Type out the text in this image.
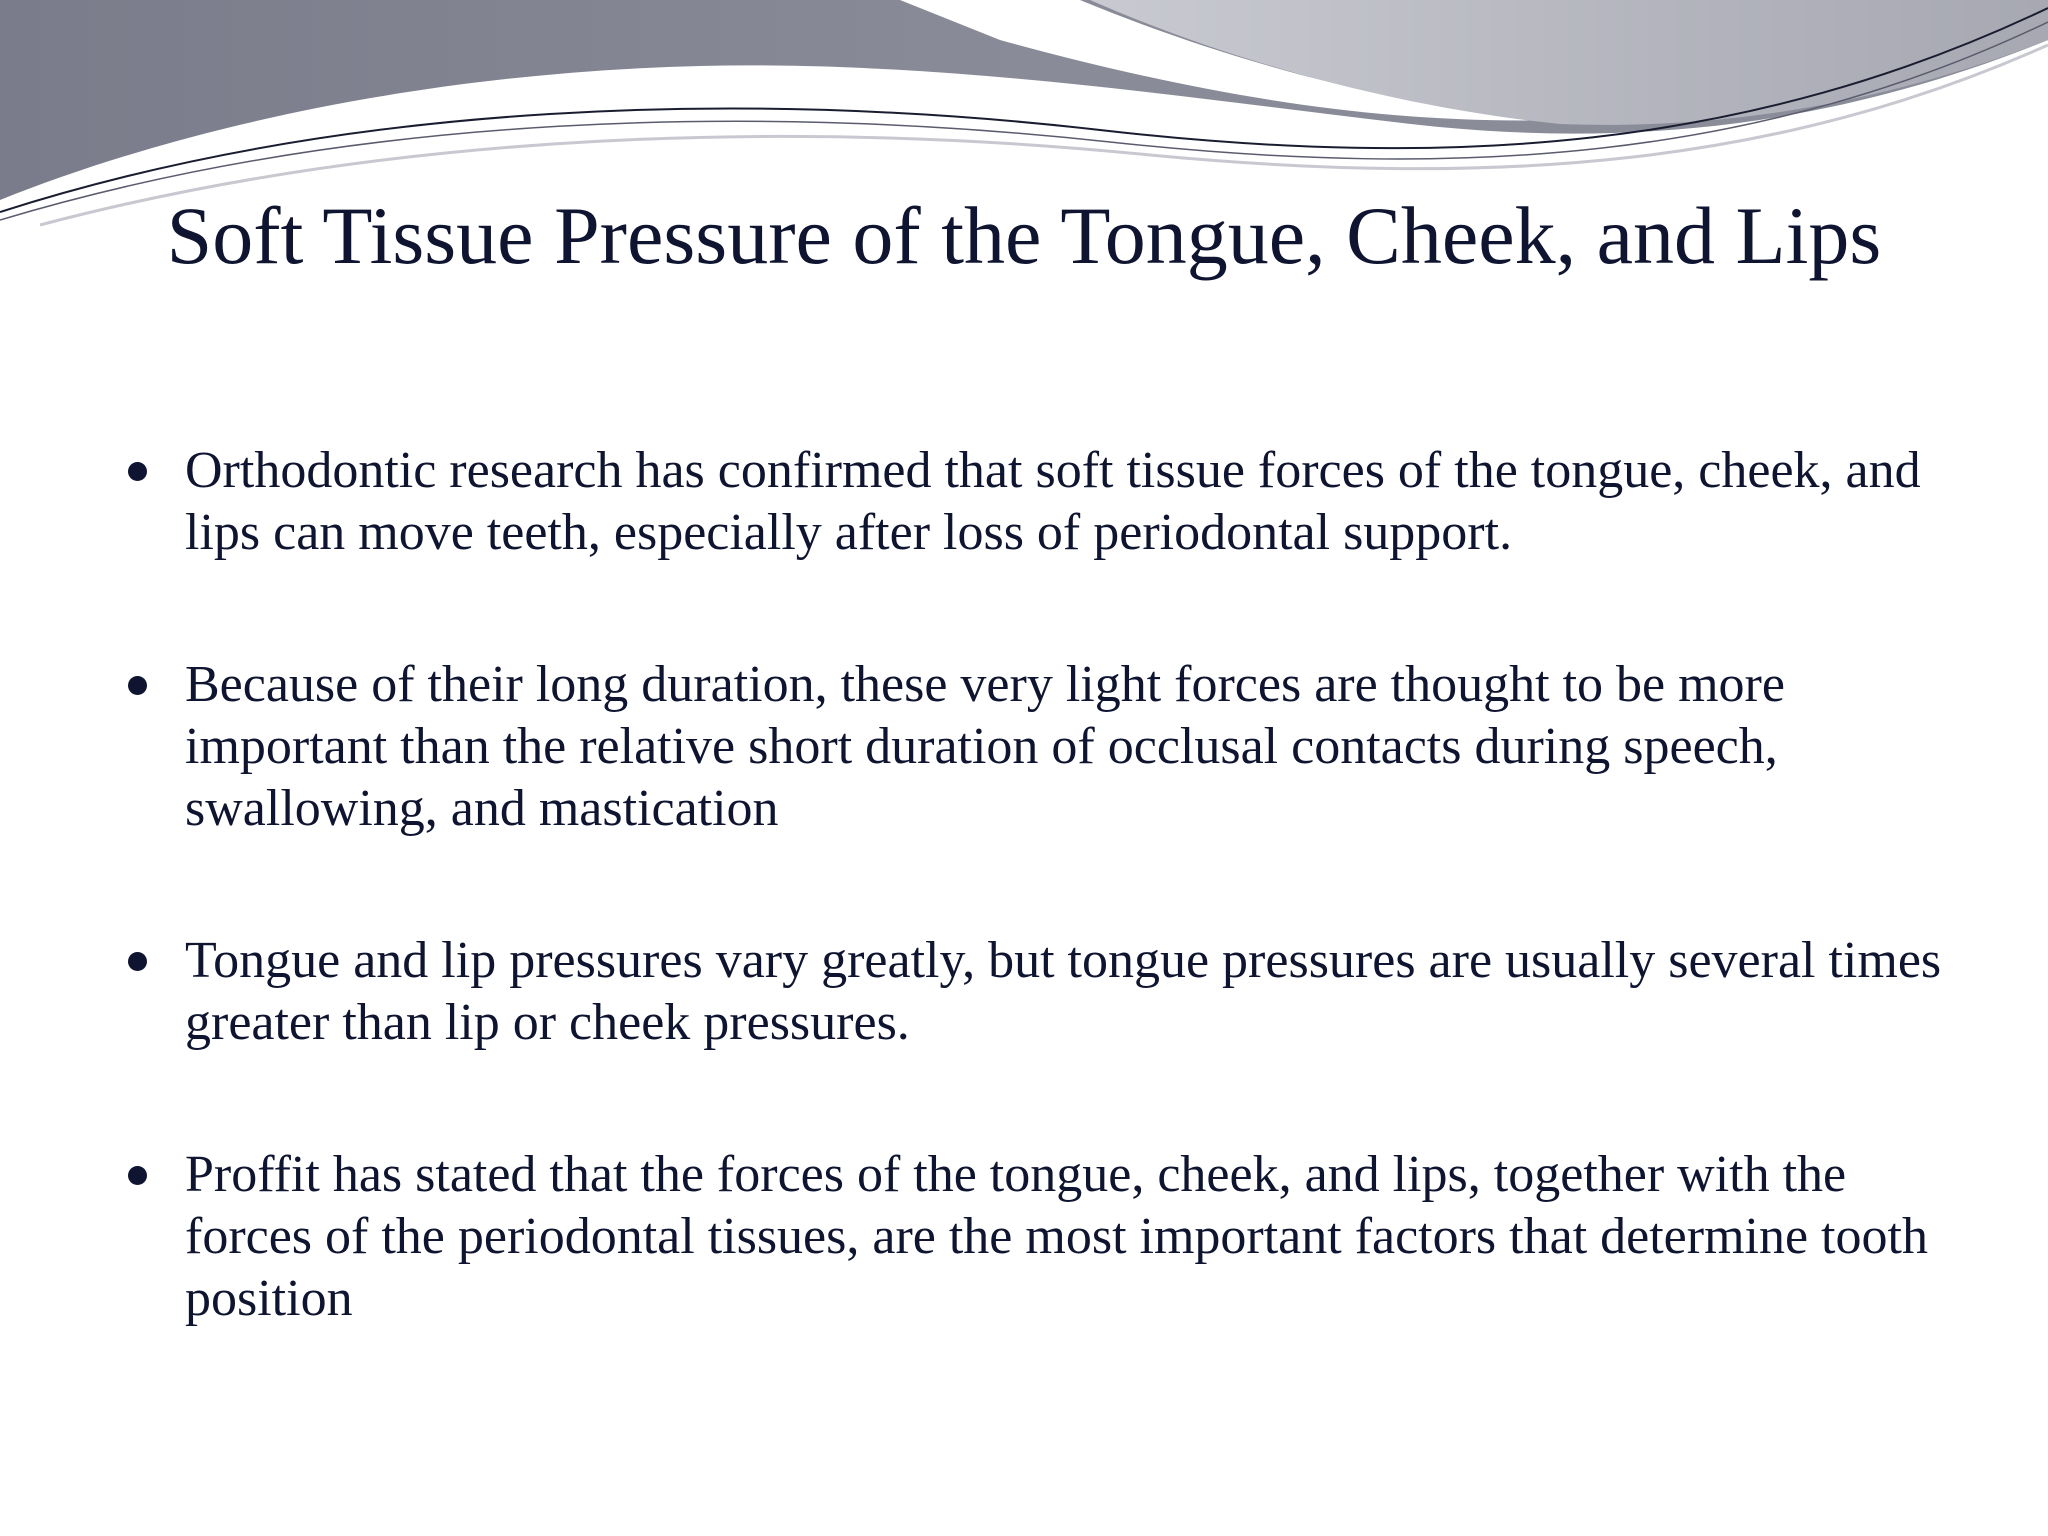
Soft Tissue Pressure of the Tongue, Cheek, and Lips
Orthodontic research has confirmed that soft tissue forces of the tongue, cheek, and lips can move teeth, especially after loss of periodontal support.
Because of their long duration, these very light forces are thought to be more important than the relative short duration of occlusal contacts during speech, swallowing, and mastication
Tongue and lip pressures vary greatly, but tongue pressures are usually several times greater than lip or cheek pressures.
Proffit has stated that the forces of the tongue, cheek, and lips, together with the forces of the periodontal tissues, are the most important factors that determine tooth position
